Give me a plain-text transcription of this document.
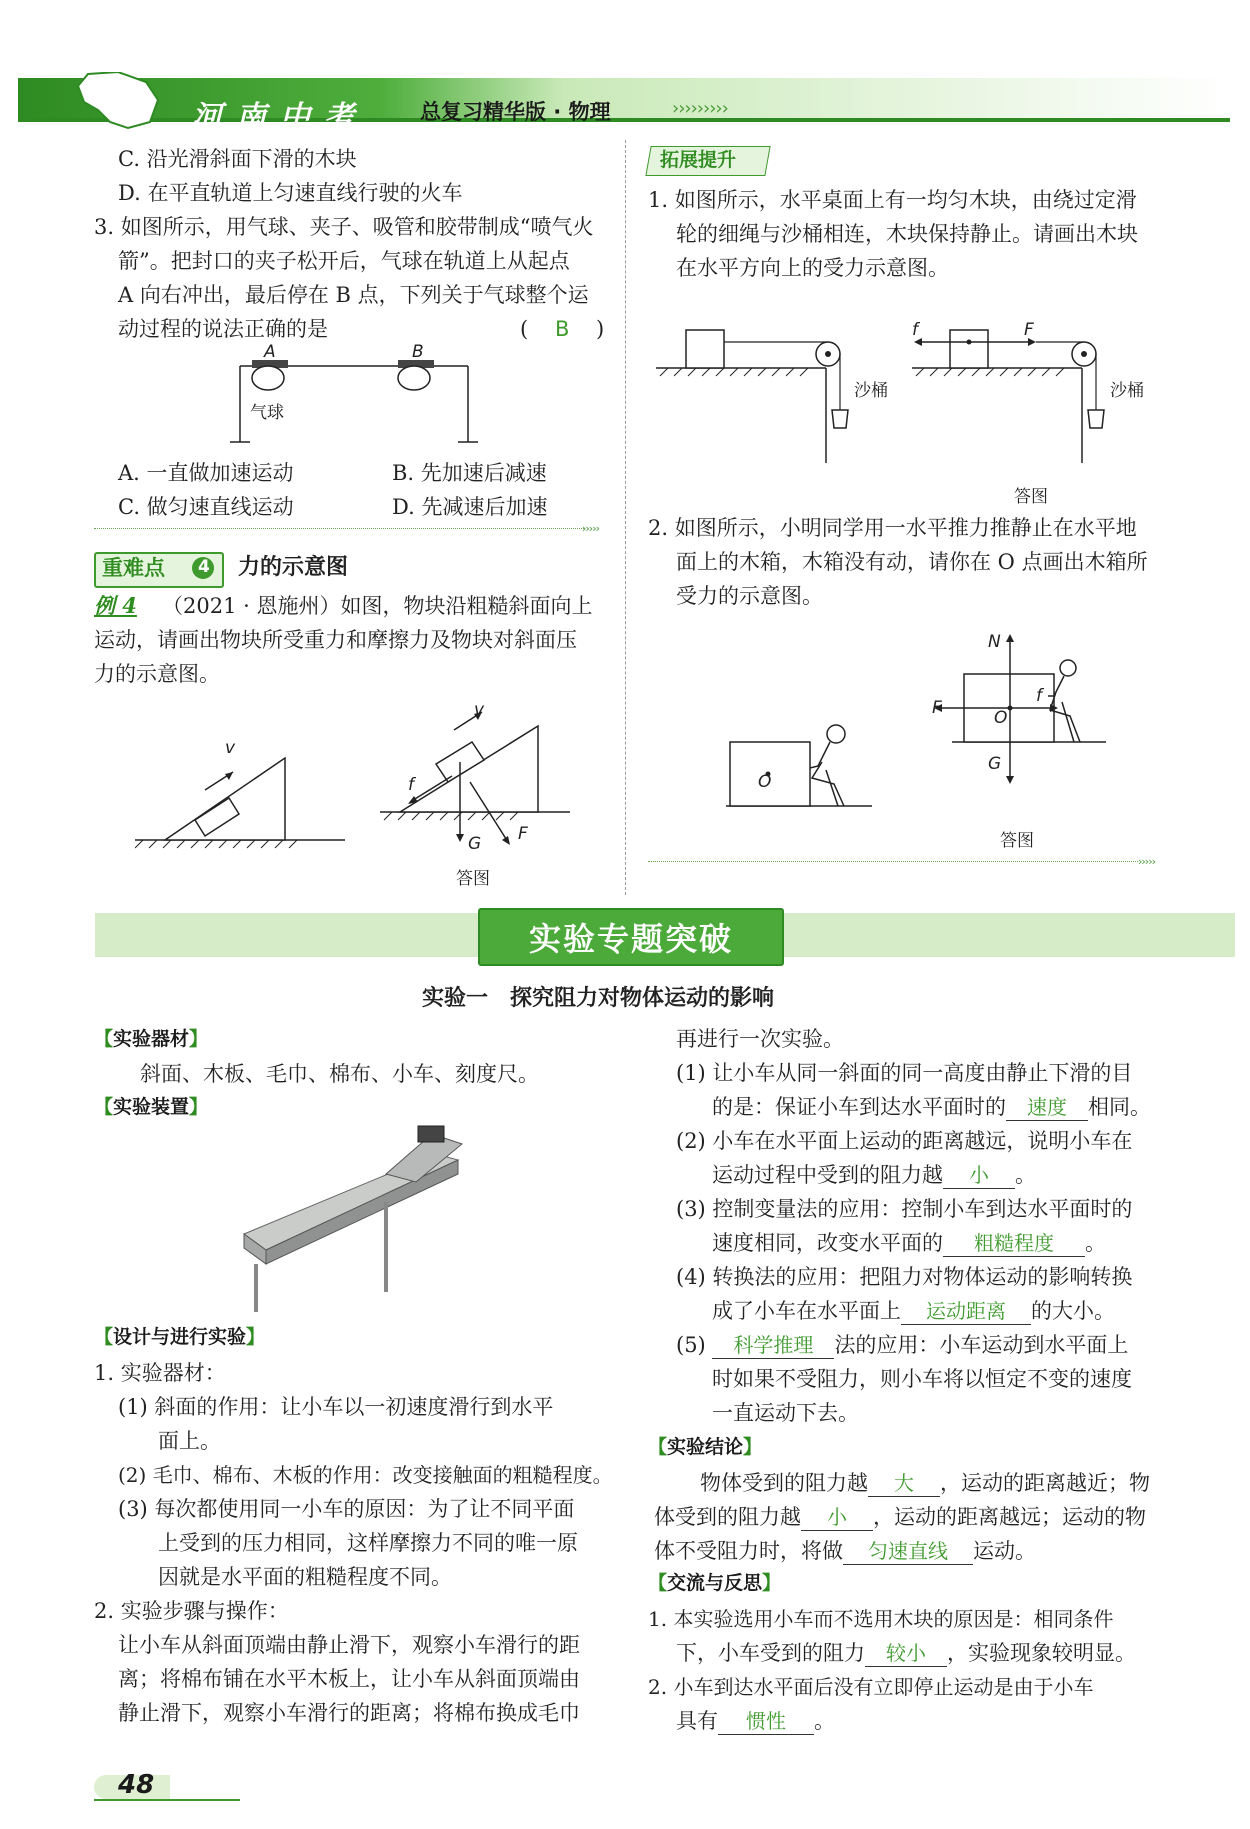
河南中考 总复习精华版 · 物理	›››››››››
C. 沿光滑斜面下滑的木块
D. 在平直轨道上匀速直线行驶的火车
3. 如图所示，用气球、夹子、吸管和胶带制成“喷气火
箭”。把封口的夹子松开后，气球在轨道上从起点
A 向右冲出，最后停在 B 点，下列关于气球整个运
动过程的说法正确的是	( B )
A	B
气球
A. 一直做加速运动	B. 先加速后减速
C. 做匀速直线运动	D. 先减速后加速
›››››
重难点 4 力的示意图
例 4 （2021 · 恩施州）如图，物块沿粗糙斜面向上
运动，请画出物块所受重力和摩擦力及物块对斜面压
力的示意图。
v
v
f
G F
答图
拓展提升
1. 如图所示，水平桌面上有一均匀木块，由绕过定滑
轮的细绳与沙桶相连，木块保持静止。请画出木块
在水平方向上的受力示意图。
沙桶
f	F
沙桶
答图
2. 如图所示，小明同学用一水平推力推静止在水平地
面上的木箱，木箱没有动，请你在 O 点画出木箱所
受力的示意图。
O
N
F
f
O
G
答图
›››››
实验专题突破
实验一　探究阻力对物体运动的影响
【实验器材】
斜面、木板、毛巾、棉布、小车、刻度尺。
【实验装置】
【设计与进行实验】
1. 实验器材：
(1) 斜面的作用：让小车以一初速度滑行到水平
面上。
(2) 毛巾、棉布、木板的作用：改变接触面的粗糙程度。
(3) 每次都使用同一小车的原因：为了让不同平面
上受到的压力相同，这样摩擦力不同的唯一原
因就是水平面的粗糙程度不同。
2. 实验步骤与操作：
让小车从斜面顶端由静止滑下，观察小车滑行的距
离；将棉布铺在水平木板上，让小车从斜面顶端由
静止滑下，观察小车滑行的距离；将棉布换成毛巾
再进行一次实验。
(1) 让小车从同一斜面的同一高度由静止下滑的目
的是：保证小车到达水平面时的 速度 相同。
(2) 小车在水平面上运动的距离越远，说明小车在
运动过程中受到的阻力越 小 。
(3) 控制变量法的应用：控制小车到达水平面时的
速度相同，改变水平面的 粗糙程度 。
(4) 转换法的应用：把阻力对物体运动的影响转换
成了小车在水平面上 运动距离 的大小。
(5) 科学推理 法的应用：小车运动到水平面上
时如果不受阻力，则小车将以恒定不变的速度
一直运动下去。
【实验结论】
物体受到的阻力越 大 ，运动的距离越近；物
体受到的阻力越 小 ，运动的距离越远；运动的物
体不受阻力时，将做 匀速直线 运动。
【交流与反思】
1. 本实验选用小车而不选用木块的原因是：相同条件
下，小车受到的阻力 较小 ，实验现象较明显。
2. 小车到达水平面后没有立即停止运动是由于小车
具有 惯性 。
48
